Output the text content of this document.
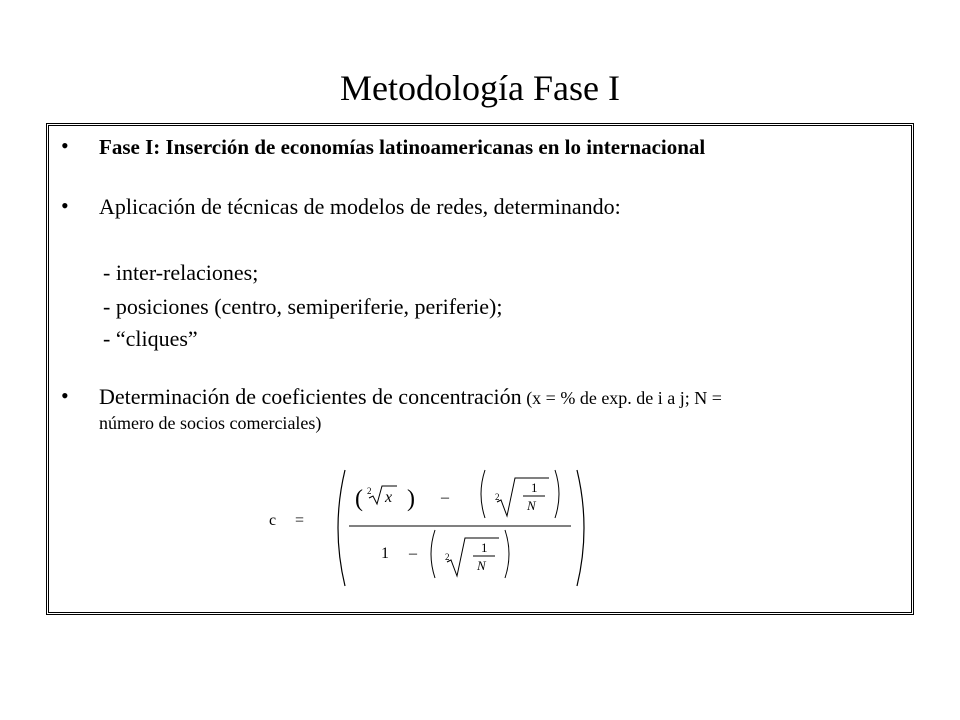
Metodología Fase I
• Fase I: Inserción de economías latinoamericanas en lo internacional
• Aplicación de técnicas de modelos de redes, determinando:
- inter-relaciones;
- posiciones (centro, semiperiferie, periferie);
- “cliques”
• Determinación de coeficientes de concentración (x = % de exp. de i a j; N =
número de socios comerciales)
c =
( 2 x ) –	2
1
N
1 –	2
1
N
